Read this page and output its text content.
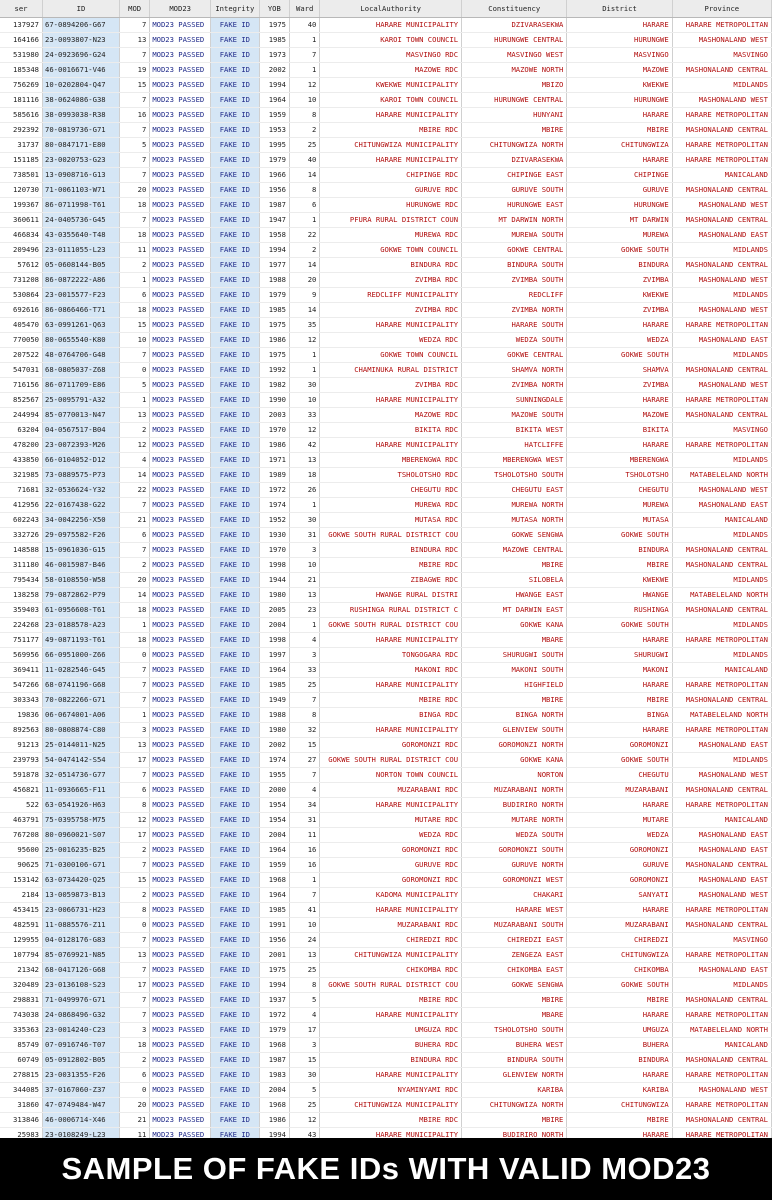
ser	ID	MOD	MOD23	Integrity	YOB	Ward	LocalAuthority	Constituency	District	Province
137927	67-0894206-G67	7	MOD23 PASSED	FAKE ID	1975	40	HARARE MUNICIPALITY	DZIVARASEKWA	HARARE	HARARE METROPOLITAN
164166	23-0093807-N23	13	MOD23 PASSED	FAKE ID	1985	1	KAROI TOWN COUNCIL	HURUNGWE CENTRAL	HURUNGWE	MASHONALAND WEST
531980	24-0923696-G24	7	MOD23 PASSED	FAKE ID	1973	7	MASVINGO RDC	MASVINGO WEST	MASVINGO	MASVINGO
185348	46-0016671-V46	19	MOD23 PASSED	FAKE ID	2002	1	MAZOWE RDC	MAZOWE NORTH	MAZOWE	MASHONALAND CENTRAL
756269	10-0202804-Q47	15	MOD23 PASSED	FAKE ID	1994	12	KWEKWE MUNICIPALITY	MBIZO	KWEKWE	MIDLANDS
181116	38-0624086-G38	7	MOD23 PASSED	FAKE ID	1964	10	KAROI TOWN COUNCIL	HURUNGWE CENTRAL	HURUNGWE	MASHONALAND WEST
585616	38-0993038-R38	16	MOD23 PASSED	FAKE ID	1959	8	HARARE MUNICIPALITY	HUNYANI	HARARE	HARARE METROPOLITAN
292392	70-0819736-G71	7	MOD23 PASSED	FAKE ID	1953	2	MBIRE RDC	MBIRE	MBIRE	MASHONALAND CENTRAL
31737	80-0847171-E80	5	MOD23 PASSED	FAKE ID	1995	25	CHITUNGWIZA MUNICIPALITY	CHITUNGWIZA NORTH	CHITUNGWIZA	HARARE METROPOLITAN
151185	23-0020753-G23	7	MOD23 PASSED	FAKE ID	1979	40	HARARE MUNICIPALITY	DZIVARASEKWA	HARARE	HARARE METROPOLITAN
738501	13-0908716-G13	7	MOD23 PASSED	FAKE ID	1966	14	CHIPINGE RDC	CHIPINGE EAST	CHIPINGE	MANICALAND
120730	71-0061103-W71	20	MOD23 PASSED	FAKE ID	1956	8	GURUVE RDC	GURUVE SOUTH	GURUVE	MASHONALAND CENTRAL
199367	86-0711998-T61	18	MOD23 PASSED	FAKE ID	1987	6	HURUNGWE RDC	HURUNGWE EAST	HURUNGWE	MASHONALAND WEST
360611	24-0405736-G45	7	MOD23 PASSED	FAKE ID	1947	1	PFURA RURAL DISTRICT COUN	MT DARWIN NORTH	MT DARWIN	MASHONALAND CENTRAL
466834	43-0355640-T48	18	MOD23 PASSED	FAKE ID	1958	22	MUREWA RDC	MUREWA SOUTH	MUREWA	MASHONALAND EAST
209496	23-0111055-L23	11	MOD23 PASSED	FAKE ID	1994	2	GOKWE TOWN COUNCIL	GOKWE CENTRAL	GOKWE SOUTH	MIDLANDS
57612	05-0608144-B05	2	MOD23 PASSED	FAKE ID	1977	14	BINDURA RDC	BINDURA SOUTH	BINDURA	MASHONALAND CENTRAL
731208	86-0872222-A86	1	MOD23 PASSED	FAKE ID	1988	20	ZVIMBA RDC	ZVIMBA SOUTH	ZVIMBA	MASHONALAND WEST
530864	23-0015577-F23	6	MOD23 PASSED	FAKE ID	1979	9	REDCLIFF MUNICIPALITY	REDCLIFF	KWEKWE	MIDLANDS
692616	86-0866466-T71	18	MOD23 PASSED	FAKE ID	1985	14	ZVIMBA RDC	ZVIMBA NORTH	ZVIMBA	MASHONALAND WEST
405470	63-0991261-Q63	15	MOD23 PASSED	FAKE ID	1975	35	HARARE MUNICIPALITY	HARARE SOUTH	HARARE	HARARE METROPOLITAN
770050	80-0655540-K80	10	MOD23 PASSED	FAKE ID	1986	12	WEDZA RDC	WEDZA SOUTH	WEDZA	MASHONALAND EAST
207522	48-0764706-G48	7	MOD23 PASSED	FAKE ID	1975	1	GOKWE TOWN COUNCIL	GOKWE CENTRAL	GOKWE SOUTH	MIDLANDS
547031	68-0805037-Z68	0	MOD23 PASSED	FAKE ID	1992	1	CHAMINUKA RURAL DISTRICT	SHAMVA NORTH	SHAMVA	MASHONALAND CENTRAL
716156	86-0711709-E86	5	MOD23 PASSED	FAKE ID	1982	30	ZVIMBA RDC	ZVIMBA NORTH	ZVIMBA	MASHONALAND WEST
852567	25-0095791-A32	1	MOD23 PASSED	FAKE ID	1990	10	HARARE MUNICIPALITY	SUNNINGDALE	HARARE	HARARE METROPOLITAN
244994	85-0770013-N47	13	MOD23 PASSED	FAKE ID	2003	33	MAZOWE RDC	MAZOWE SOUTH	MAZOWE	MASHONALAND CENTRAL
63204	04-0567517-B04	2	MOD23 PASSED	FAKE ID	1970	12	BIKITA RDC	BIKITA WEST	BIKITA	MASVINGO
478200	23-0072393-M26	12	MOD23 PASSED	FAKE ID	1986	42	HARARE MUNICIPALITY	HATCLIFFE	HARARE	HARARE METROPOLITAN
433850	66-0104052-D12	4	MOD23 PASSED	FAKE ID	1971	13	MBERENGWA RDC	MBERENGWA WEST	MBERENGWA	MIDLANDS
321985	73-0889575-P73	14	MOD23 PASSED	FAKE ID	1989	18	TSHOLOTSHO RDC	TSHOLOTSHO SOUTH	TSHOLOTSHO	MATABELELAND NORTH
71681	32-0536624-Y32	22	MOD23 PASSED	FAKE ID	1972	26	CHEGUTU RDC	CHEGUTU EAST	CHEGUTU	MASHONALAND WEST
412956	22-0167438-G22	7	MOD23 PASSED	FAKE ID	1974	1	MUREWA RDC	MUREWA NORTH	MUREWA	MASHONALAND EAST
602243	34-0042256-X50	21	MOD23 PASSED	FAKE ID	1952	30	MUTASA RDC	MUTASA NORTH	MUTASA	MANICALAND
332726	29-0975582-F26	6	MOD23 PASSED	FAKE ID	1930	31	GOKWE SOUTH RURAL DISTRICT COU	GOKWE SENGWA	GOKWE SOUTH	MIDLANDS
148588	15-0961036-G15	7	MOD23 PASSED	FAKE ID	1970	3	BINDURA RDC	MAZOWE CENTRAL	BINDURA	MASHONALAND CENTRAL
311180	46-0015987-B46	2	MOD23 PASSED	FAKE ID	1998	10	MBIRE RDC	MBIRE	MBIRE	MASHONALAND CENTRAL
795434	58-0108550-W58	20	MOD23 PASSED	FAKE ID	1944	21	ZIBAGWE RDC	SILOBELA	KWEKWE	MIDLANDS
138258	79-0872862-P79	14	MOD23 PASSED	FAKE ID	1980	13	HWANGE RURAL DISTRI	HWANGE EAST	HWANGE	MATABELELAND NORTH
359403	61-0956608-T61	18	MOD23 PASSED	FAKE ID	2005	23	RUSHINGA RURAL DISTRICT C	MT DARWIN EAST	RUSHINGA	MASHONALAND CENTRAL
224268	23-0188578-A23	1	MOD23 PASSED	FAKE ID	2004	1	GOKWE SOUTH RURAL DISTRICT COU	GOKWE KANA	GOKWE SOUTH	MIDLANDS
751177	49-0871193-T61	18	MOD23 PASSED	FAKE ID	1998	4	HARARE MUNICIPALITY	MBARE	HARARE	HARARE METROPOLITAN
569956	66-0951000-Z66	0	MOD23 PASSED	FAKE ID	1997	3	TONGOGARA RDC	SHURUGWI SOUTH	SHURUGWI	MIDLANDS
369411	11-0282546-G45	7	MOD23 PASSED	FAKE ID	1964	33	MAKONI RDC	MAKONI SOUTH	MAKONI	MANICALAND
547266	68-0741196-G68	7	MOD23 PASSED	FAKE ID	1985	25	HARARE MUNICIPALITY	HIGHFIELD	HARARE	HARARE METROPOLITAN
303343	70-0822266-G71	7	MOD23 PASSED	FAKE ID	1949	7	MBIRE RDC	MBIRE	MBIRE	MASHONALAND CENTRAL
19836	06-0674001-A06	1	MOD23 PASSED	FAKE ID	1988	8	BINGA RDC	BINGA NORTH	BINGA	MATABELELAND NORTH
892563	80-0808874-C80	3	MOD23 PASSED	FAKE ID	1980	32	HARARE MUNICIPALITY	GLENVIEW SOUTH	HARARE	HARARE METROPOLITAN
91213	25-0144011-N25	13	MOD23 PASSED	FAKE ID	2002	15	GOROMONZI RDC	GOROMONZI NORTH	GOROMONZI	MASHONALAND EAST
239793	54-0474142-S54	17	MOD23 PASSED	FAKE ID	1974	27	GOKWE SOUTH RURAL DISTRICT COU	GOKWE KANA	GOKWE SOUTH	MIDLANDS
591878	32-0514736-G77	7	MOD23 PASSED	FAKE ID	1955	7	NORTON TOWN COUNCIL	NORTON	CHEGUTU	MASHONALAND WEST
456821	11-0936665-F11	6	MOD23 PASSED	FAKE ID	2000	4	MUZARABANI RDC	MUZARABANI NORTH	MUZARABANI	MASHONALAND CENTRAL
522	63-0541926-H63	8	MOD23 PASSED	FAKE ID	1954	34	HARARE MUNICIPALITY	BUDIRIRO NORTH	HARARE	HARARE METROPOLITAN
463791	75-0395758-M75	12	MOD23 PASSED	FAKE ID	1954	31	MUTARE RDC	MUTARE NORTH	MUTARE	MANICALAND
767208	80-0960021-S07	17	MOD23 PASSED	FAKE ID	2004	11	WEDZA RDC	WEDZA SOUTH	WEDZA	MASHONALAND EAST
95600	25-0016235-B25	2	MOD23 PASSED	FAKE ID	1964	16	GOROMONZI RDC	GOROMONZI SOUTH	GOROMONZI	MASHONALAND EAST
90625	71-0300106-G71	7	MOD23 PASSED	FAKE ID	1959	16	GURUVE RDC	GURUVE NORTH	GURUVE	MASHONALAND CENTRAL
153142	63-0734420-Q25	15	MOD23 PASSED	FAKE ID	1968	1	GOROMONZI RDC	GOROMONZI WEST	GOROMONZI	MASHONALAND EAST
2184	13-0059873-B13	2	MOD23 PASSED	FAKE ID	1964	7	KADOMA MUNICIPALITY	CHAKARI	SANYATI	MASHONALAND WEST
453415	23-0066731-H23	8	MOD23 PASSED	FAKE ID	1985	41	HARARE MUNICIPALITY	HARARE WEST	HARARE	HARARE METROPOLITAN
482591	11-0885576-Z11	0	MOD23 PASSED	FAKE ID	1991	10	MUZARABANI RDC	MUZARABANI SOUTH	MUZARABANI	MASHONALAND CENTRAL
129955	04-0128176-G83	7	MOD23 PASSED	FAKE ID	1956	24	CHIREDZI RDC	CHIREDZI EAST	CHIREDZI	MASVINGO
107794	85-0769921-N85	13	MOD23 PASSED	FAKE ID	2001	13	CHITUNGWIZA MUNICIPALITY	ZENGEZA EAST	CHITUNGWIZA	HARARE METROPOLITAN
21342	68-0417126-G68	7	MOD23 PASSED	FAKE ID	1975	25	CHIKOMBA RDC	CHIKOMBA EAST	CHIKOMBA	MASHONALAND EAST
320489	23-0136108-S23	17	MOD23 PASSED	FAKE ID	1994	8	GOKWE SOUTH RURAL DISTRICT COU	GOKWE SENGWA	GOKWE SOUTH	MIDLANDS
298831	71-0499976-G71	7	MOD23 PASSED	FAKE ID	1937	5	MBIRE RDC	MBIRE	MBIRE	MASHONALAND CENTRAL
743038	24-0868496-G32	7	MOD23 PASSED	FAKE ID	1972	4	HARARE MUNICIPALITY	MBARE	HARARE	HARARE METROPOLITAN
335363	23-0014240-C23	3	MOD23 PASSED	FAKE ID	1979	17	UMGUZA RDC	TSHOLOTSHO SOUTH	UMGUZA	MATABELELAND NORTH
85749	07-0916746-T07	18	MOD23 PASSED	FAKE ID	1968	3	BUHERA RDC	BUHERA WEST	BUHERA	MANICALAND
60749	05-0912802-B05	2	MOD23 PASSED	FAKE ID	1987	15	BINDURA RDC	BINDURA SOUTH	BINDURA	MASHONALAND CENTRAL
278815	23-0031355-F26	6	MOD23 PASSED	FAKE ID	1983	30	HARARE MUNICIPALITY	GLENVIEW NORTH	HARARE	HARARE METROPOLITAN
344085	37-0167060-Z37	0	MOD23 PASSED	FAKE ID	2004	5	NYAMINYAMI RDC	KARIBA	KARIBA	MASHONALAND WEST
31860	47-0749484-W47	20	MOD23 PASSED	FAKE ID	1968	25	CHITUNGWIZA MUNICIPALITY	CHITUNGWIZA NORTH	CHITUNGWIZA	HARARE METROPOLITAN
313846	46-0006714-X46	21	MOD23 PASSED	FAKE ID	1986	12	MBIRE RDC	MBIRE	MBIRE	MASHONALAND CENTRAL
25983	23-0108249-L23	11	MOD23 PASSED	FAKE ID	1994	43	HARARE MUNICIPALITY	BUDIRIRO NORTH	HARARE	HARARE METROPOLITAN
SAMPLE OF FAKE IDs WITH VALID MOD23
